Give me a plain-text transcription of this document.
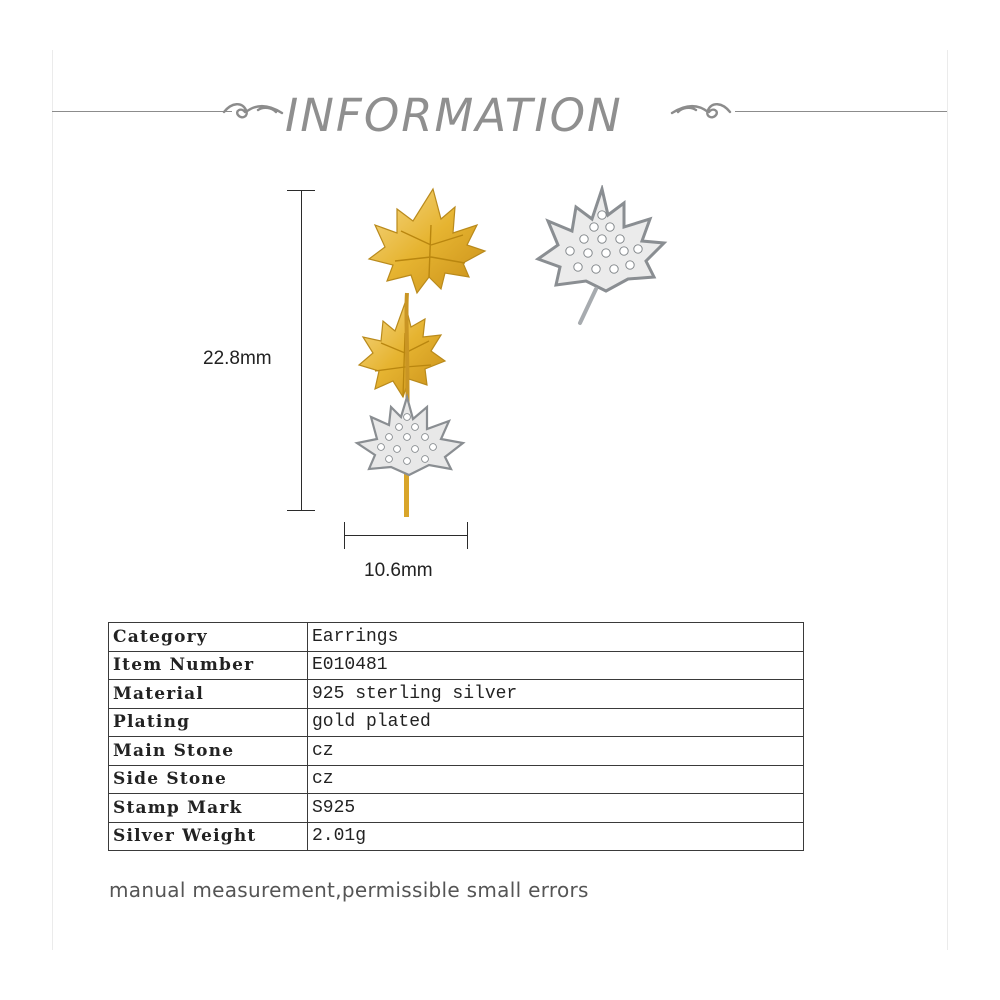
INFORMATION
22.8mm
10.6mm
Category	Earrings
Item Number	E010481
Material	925 sterling silver
Plating	gold plated
Main Stone	cz
Side Stone	cz
Stamp Mark	S925
Silver Weight	2.01g
manual measurement,permissible small errors
